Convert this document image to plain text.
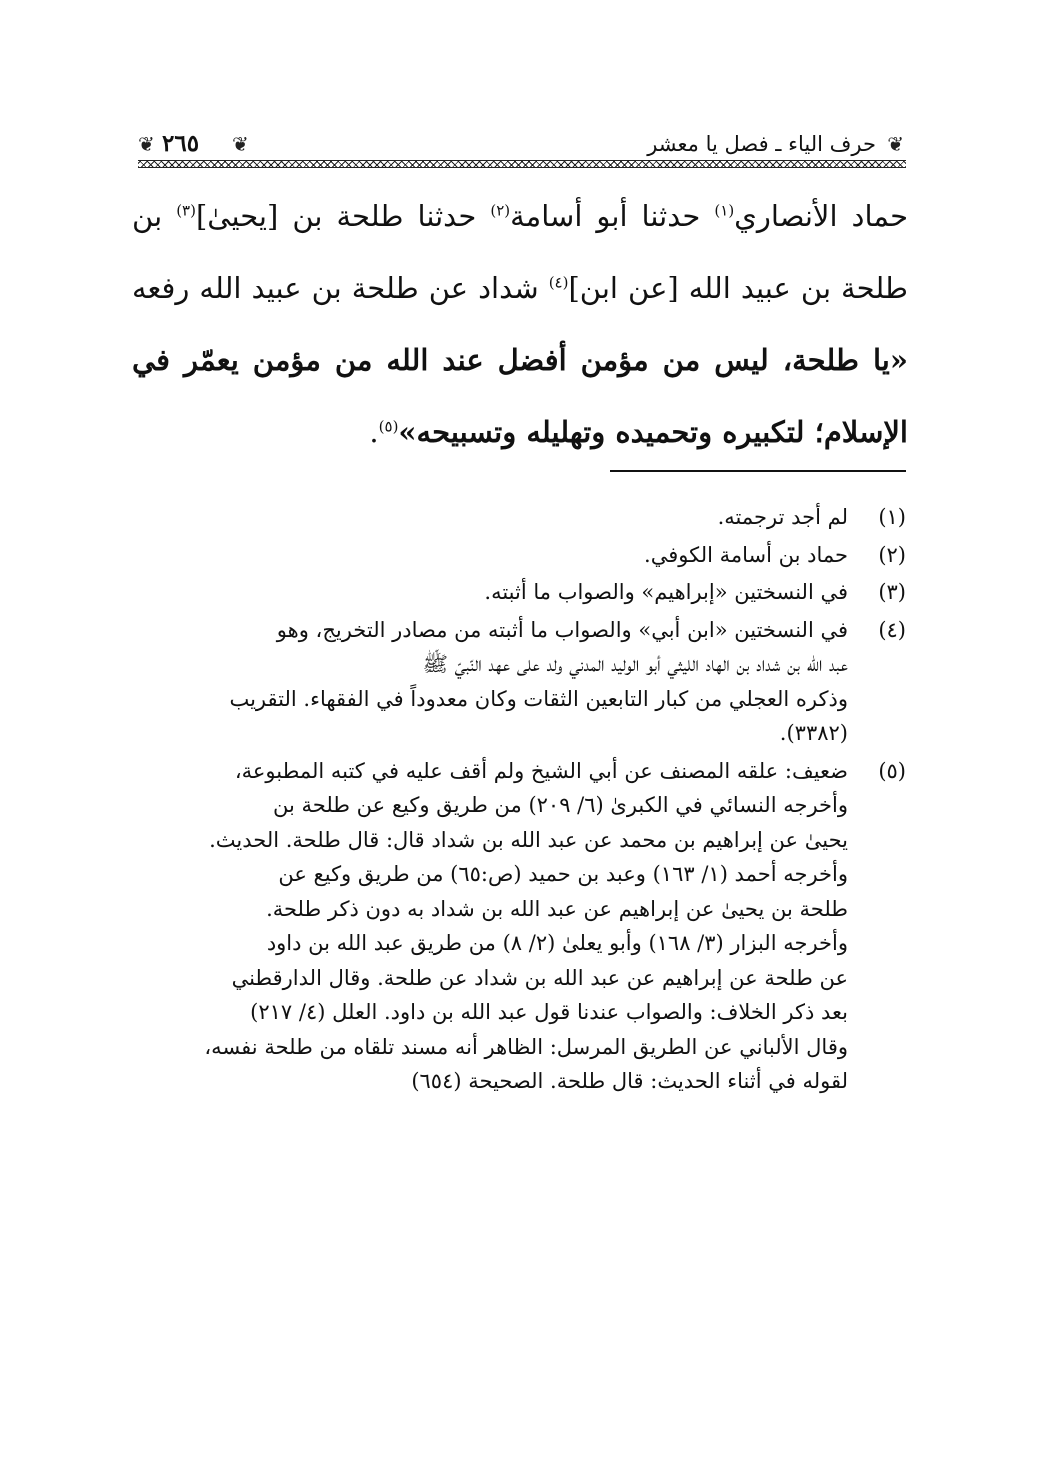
❦
حرف الياء ـ فصل يا معشر
❦
٢٦٥
❦

حماد الأنصاري$^{(١)}$ حدثنا أبو أسامة$^{(٢)}$ حدثنا طلحة بن [يحيىٰ]$^{(٣)}$ بن طلحة بن عبيد الله [عن ابن]$^{(٤)}$ شداد عن طلحة بن عبيد الله رفعه «يا طلحة، ليس من مؤمن أفضل عند الله من مؤمن يعمّر في الإسلام؛ لتكبيره وتحميده وتهليله وتسبيحه»$^{(٥)}$.

(١)
لم أجد ترجمته.
(٢)
حماد بن أسامة الكوفي.
(٣)
في النسختين «إبراهيم» والصواب ما أثبته.
(٤)
في النسختين «ابن أبي» والصواب ما أثبته من مصادر التخريج، وهو
عبد الله بن شداد بن الهاد الليثي أبو الوليد المدني ولد على عهد النّبيّ ﷺ
وذكره العجلي من كبار التابعين الثقات وكان معدوداً في الفقهاء. التقريب
(٣٣٨٢).
(٥)
ضعيف: علقه المصنف عن أبي الشيخ ولم أقف عليه في كتبه المطبوعة،
وأخرجه النسائي في الكبرىٰ (٦/ ٢٠٩) من طريق وكيع عن طلحة بن
يحيىٰ عن إبراهيم بن محمد عن عبد الله بن شداد قال: قال طلحة. الحديث.
وأخرجه أحمد (١/ ١٦٣) وعبد بن حميد (ص:٦٥) من طريق وكيع عن
طلحة بن يحيىٰ عن إبراهيم عن عبد الله بن شداد به دون ذكر طلحة.
وأخرجه البزار (٣/ ١٦٨) وأبو يعلىٰ (٢/ ٨) من طريق عبد الله بن داود
عن طلحة عن إبراهيم عن عبد الله بن شداد عن طلحة. وقال الدارقطني
بعد ذكر الخلاف: والصواب عندنا قول عبد الله بن داود. العلل (٤/ ٢١٧)
وقال الألباني عن الطريق المرسل: الظاهر أنه مسند تلقاه من طلحة نفسه،
لقوله في أثناء الحديث: قال طلحة. الصحيحة (٦٥٤)
